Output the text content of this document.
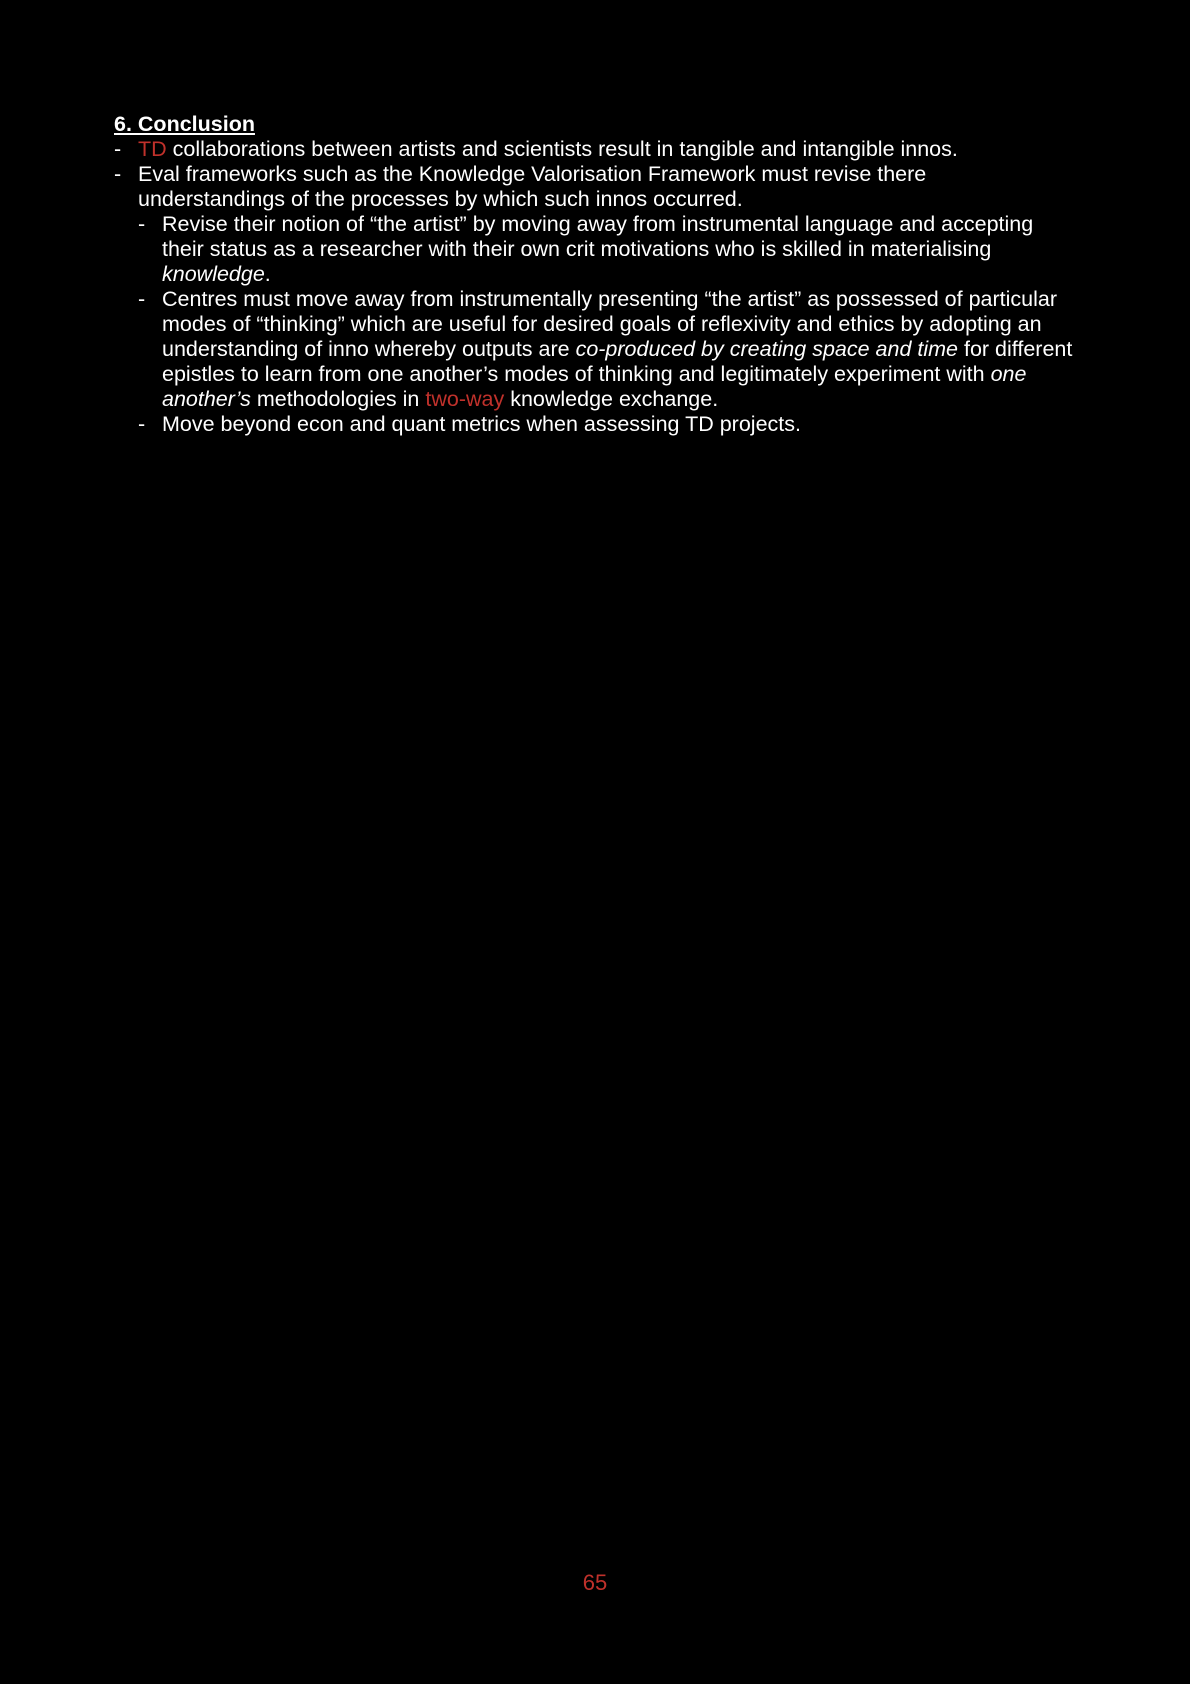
6. Conclusion
- TD collaborations between artists and scientists result in tangible and intangible innos.
- Eval frameworks such as the Knowledge Valorisation Framework must revise there understandings of the processes by which such innos occurred.
- Revise their notion of “the artist” by moving away from instrumental language and accepting their status as a researcher with their own crit motivations who is skilled in materialising knowledge.
- Centres must move away from instrumentally presenting “the artist” as possessed of particular modes of “thinking” which are useful for desired goals of reflexivity and ethics by adopting an understanding of inno whereby outputs are co-produced by creating space and time for different epistles to learn from one another’s modes of thinking and legitimately experiment with one another’s methodologies in two-way knowledge exchange.
- Move beyond econ and quant metrics when assessing TD projects.
65
